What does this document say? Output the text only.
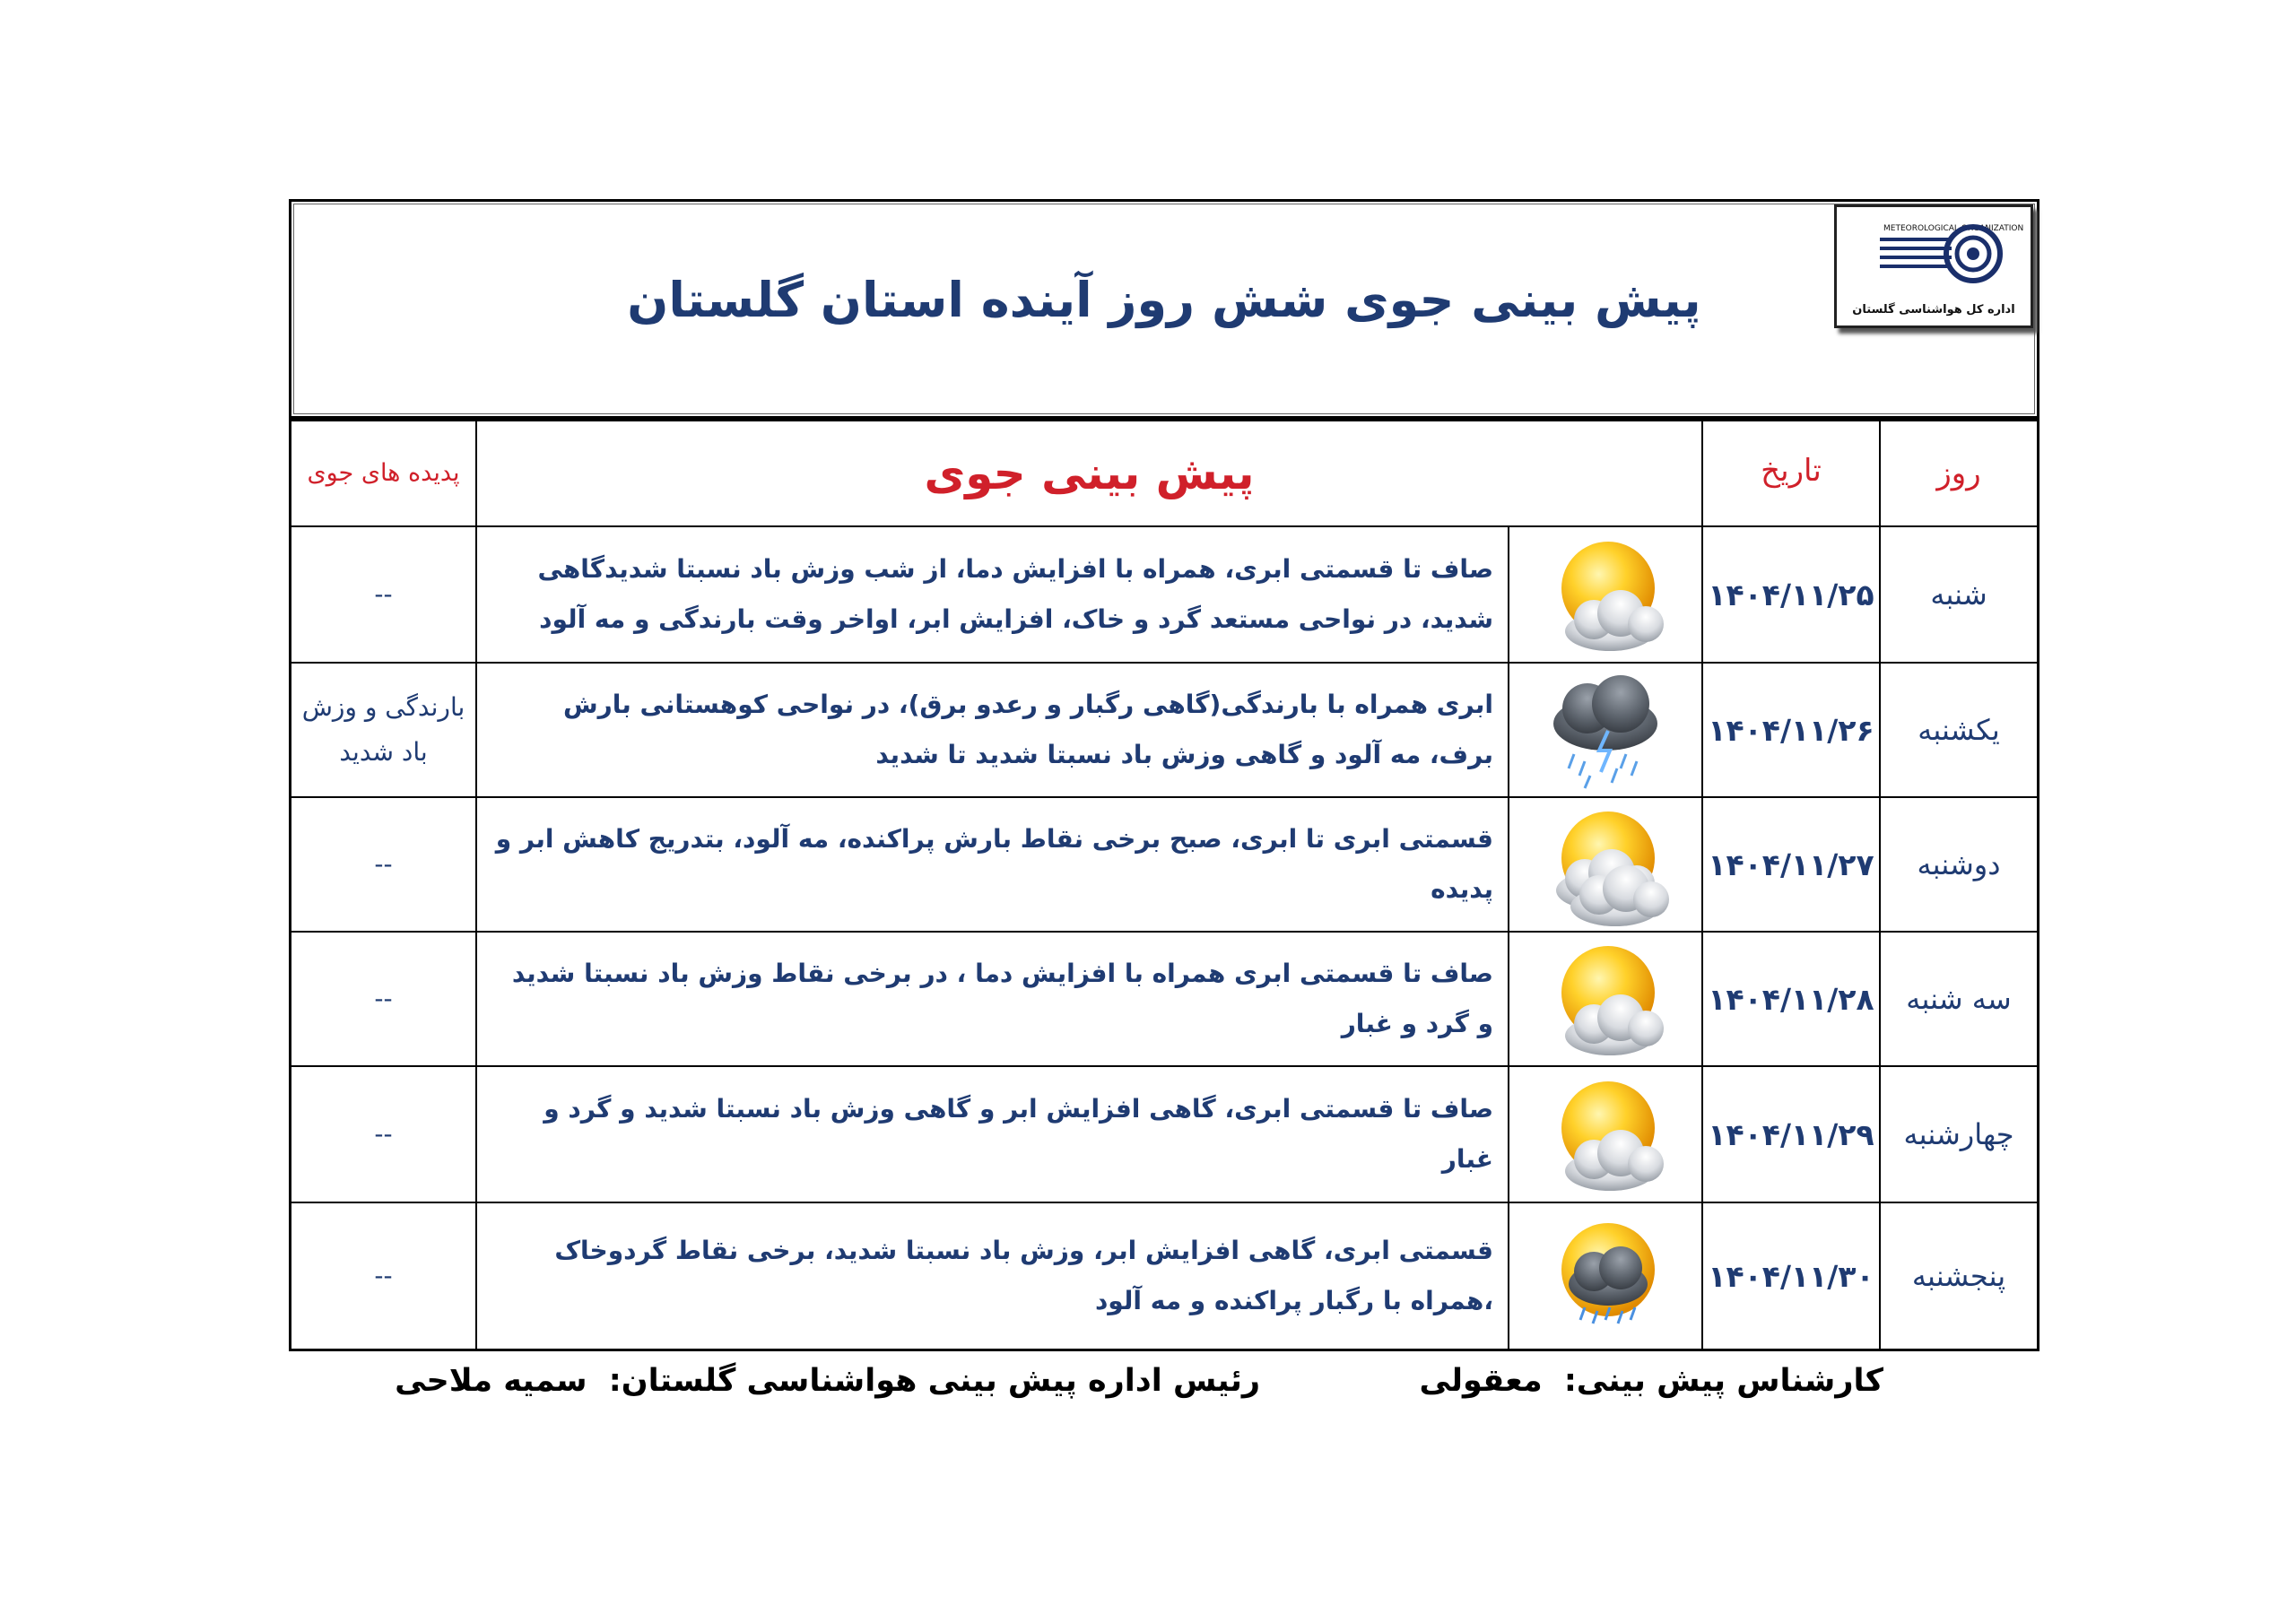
پیش بینی جوی شش روز آینده استان گلستان
METEOROLOGICAL ORGANIZATION
اداره کل هواشناسی گلستان
روز
تاریخ
پیش بینی جوی
پدیده های جوی
شنبه
۱۴۰۴/۱۱/۲۵
صاف تا قسمتی ابری، همراه با افزایش دما، از شب وزش باد نسبتا شدیدگاهی شدید، در نواحی مستعد گرد و خاک، افزایش ابر، اواخر وقت بارندگی و مه آلود
--
یکشنبه
۱۴۰۴/۱۱/۲۶
ابری همراه با بارندگی(گاهی رگبار و رعدو برق)، در نواحی کوهستانی بارش برف، مه آلود و گاهی وزش باد نسبتا شدید تا شدید
بارندگی و وزش باد شدید
دوشنبه
۱۴۰۴/۱۱/۲۷
قسمتی ابری تا ابری، صبح برخی نقاط بارش پراکنده، مه آلود، بتدریج کاهش ابر و پدیده
--
سه شنبه
۱۴۰۴/۱۱/۲۸
صاف تا قسمتی ابری همراه با افزایش دما ، در برخی نقاط وزش باد نسبتا شدید و گرد و غبار
--
چهارشنبه
۱۴۰۴/۱۱/۲۹
صاف تا قسمتی ابری، گاهی افزایش ابر و گاهی وزش باد نسبتا شدید و گرد و غبار
--
پنجشنبه
۱۴۰۴/۱۱/۳۰
قسمتی ابری، گاهی افزایش ابر، وزش باد نسبتا شدید، برخی نقاط گردوخاک ،همراه با رگبار پراکنده و مه آلود
--
کارشناس پیش بینی: معقولی
رئیس اداره پیش بینی هواشناسی گلستان: سمیه ملاحی
